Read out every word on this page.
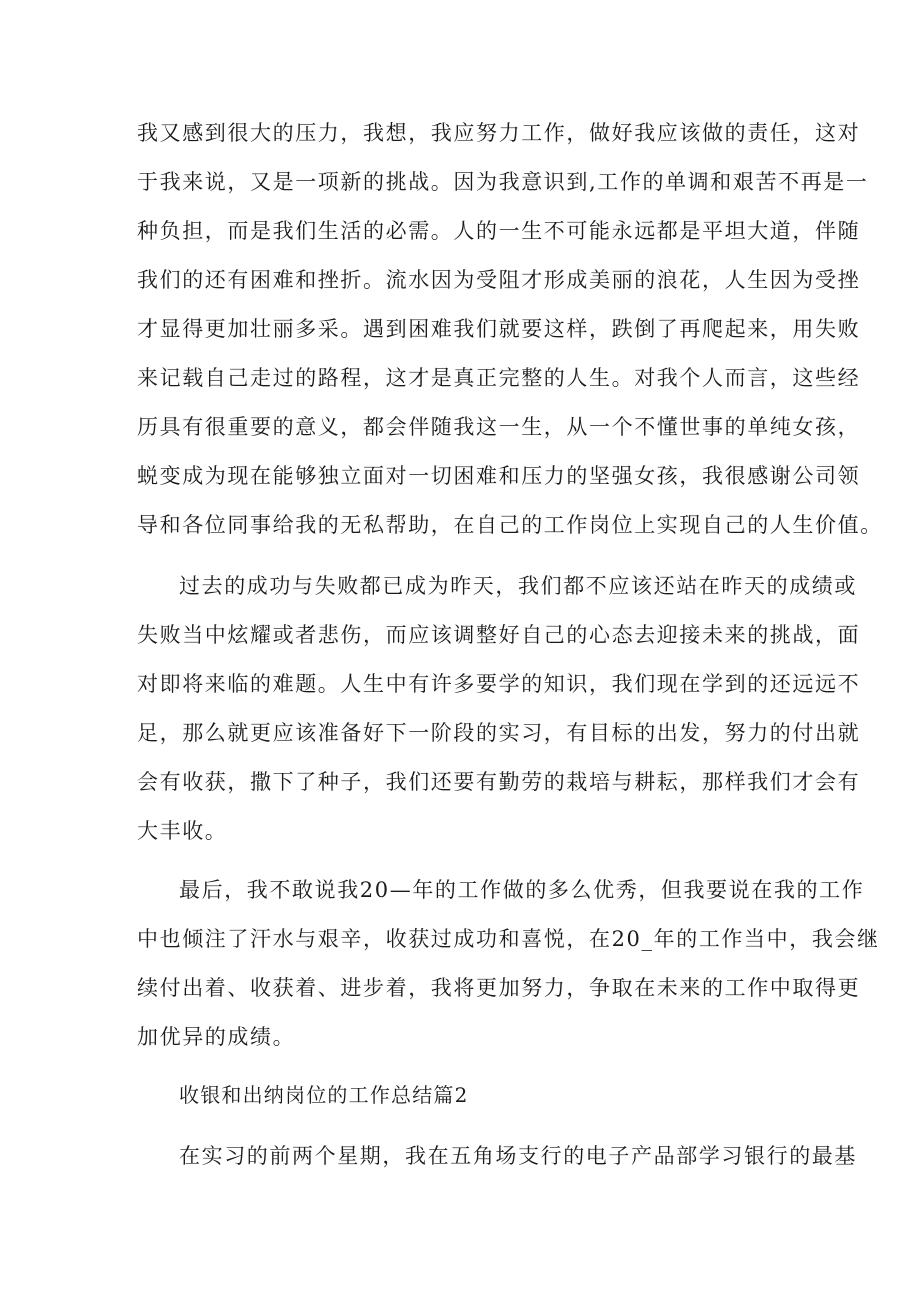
我又感到很大的压力，我想，我应努力工作，做好我应该做的责任，这对
于我来说，又是一项新的挑战。因为我意识到,工作的单调和艰苦不再是一
种负担，而是我们生活的必需。人的一生不可能永远都是平坦大道，伴随
我们的还有困难和挫折。流水因为受阻才形成美丽的浪花，人生因为受挫
才显得更加壮丽多采。遇到困难我们就要这样，跌倒了再爬起来，用失败
来记载自己走过的路程，这才是真正完整的人生。对我个人而言，这些经
历具有很重要的意义，都会伴随我这一生，从一个不懂世事的单纯女孩，
蜕变成为现在能够独立面对一切困难和压力的坚强女孩，我很感谢公司领
导和各位同事给我的无私帮助，在自己的工作岗位上实现自己的人生价值。
过去的成功与失败都已成为昨天，我们都不应该还站在昨天的成绩或
失败当中炫耀或者悲伤，而应该调整好自己的心态去迎接未来的挑战，面
对即将来临的难题。人生中有许多要学的知识，我们现在学到的还远远不
足，那么就更应该准备好下一阶段的实习，有目标的出发，努力的付出就
会有收获，撒下了种子，我们还要有勤劳的栽培与耕耘，那样我们才会有
大丰收。
最后，我不敢说我20—年的工作做的多么优秀，但我要说在我的工作
中也倾注了汗水与艰辛，收获过成功和喜悦，在20_年的工作当中，我会继
续付出着、收获着、进步着，我将更加努力，争取在未来的工作中取得更
加优异的成绩。
收银和出纳岗位的工作总结篇2
在实习的前两个星期，我在五角场支行的电子产品部学习银行的最基
